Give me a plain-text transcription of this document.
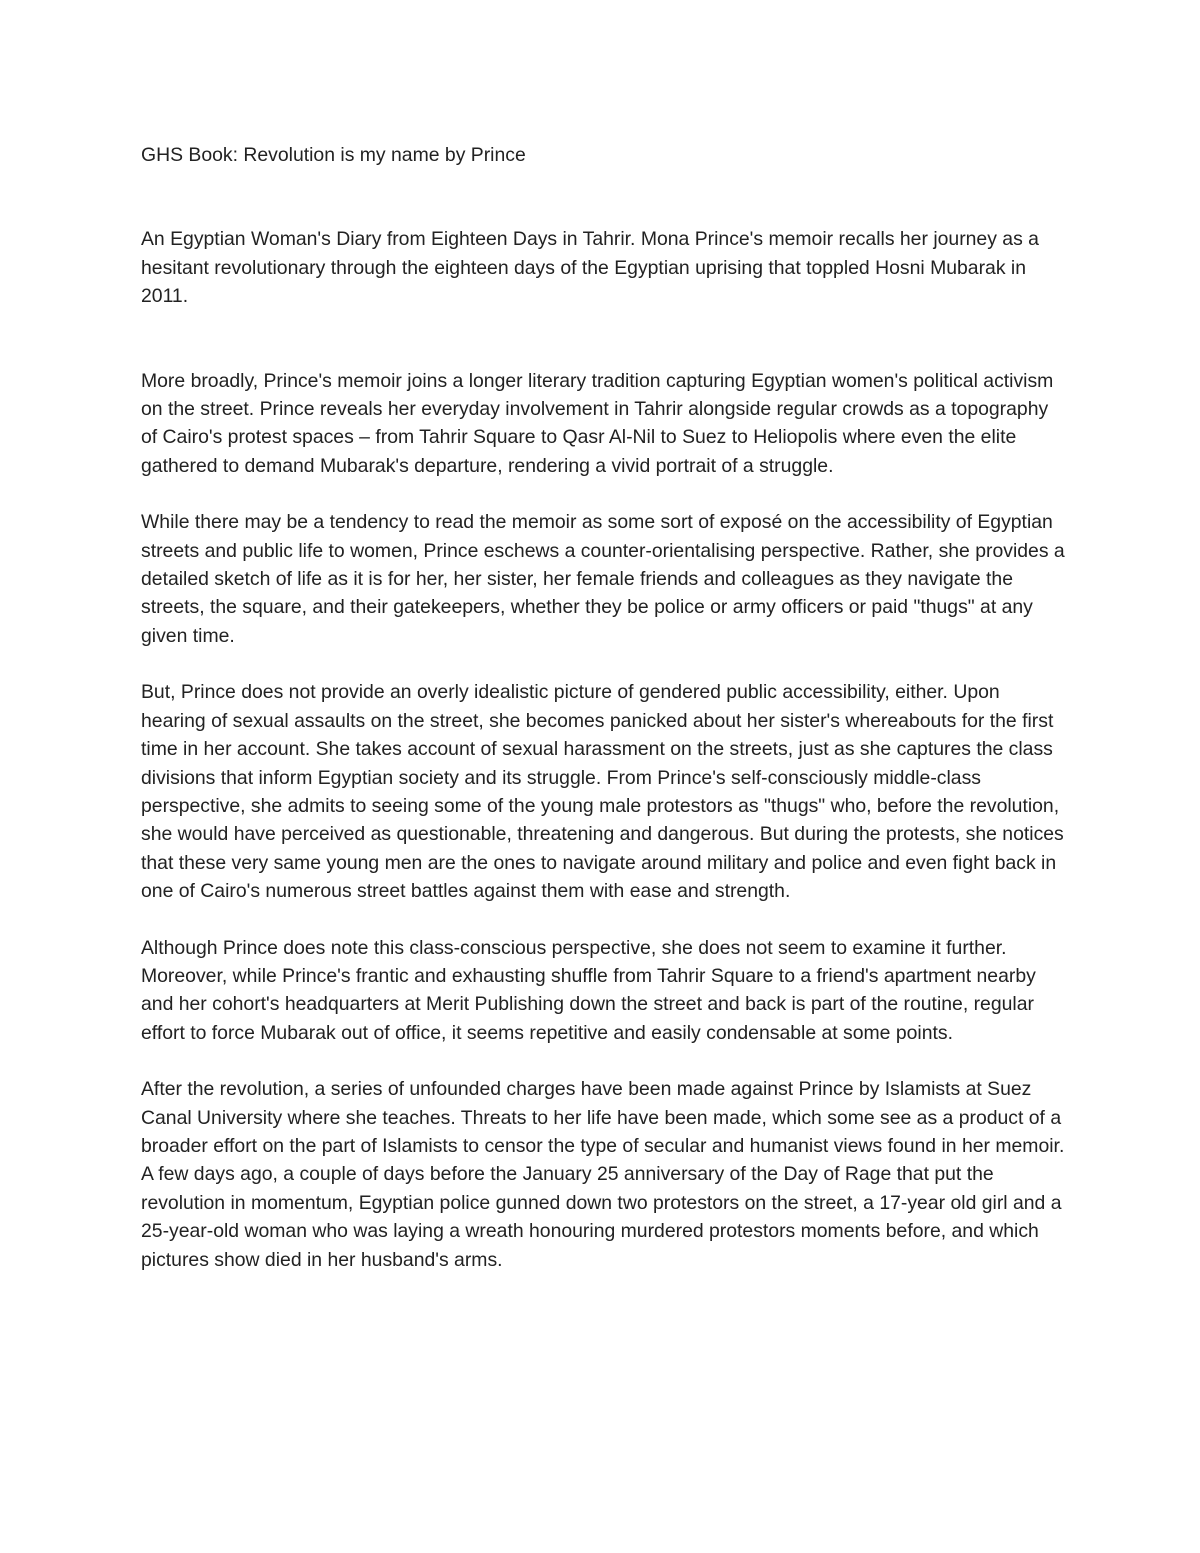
GHS Book: Revolution is my name by Prince

An Egyptian Woman's Diary from Eighteen Days in Tahrir. Mona Prince's memoir recalls her journey as a hesitant revolutionary through the eighteen days of the Egyptian uprising that toppled Hosni Mubarak in 2011.

More broadly, Prince's memoir joins a longer literary tradition capturing Egyptian women's political activism on the street. Prince reveals her everyday involvement in Tahrir alongside regular crowds as a topography of Cairo's protest spaces – from Tahrir Square to Qasr Al-Nil to Suez to Heliopolis where even the elite gathered to demand Mubarak's departure, rendering a vivid portrait of a struggle.

While there may be a tendency to read the memoir as some sort of exposé on the accessibility of Egyptian streets and public life to women, Prince eschews a counter-orientalising perspective. Rather, she provides a detailed sketch of life as it is for her, her sister, her female friends and colleagues as they navigate the streets, the square, and their gatekeepers, whether they be police or army officers or paid "thugs" at any given time.

But, Prince does not provide an overly idealistic picture of gendered public accessibility, either. Upon hearing of sexual assaults on the street, she becomes panicked about her sister's whereabouts for the first time in her account. She takes account of sexual harassment on the streets, just as she captures the class divisions that inform Egyptian society and its struggle. From Prince's self-consciously middle-class perspective, she admits to seeing some of the young male protestors as "thugs" who, before the revolution, she would have perceived as questionable, threatening and dangerous. But during the protests, she notices that these very same young men are the ones to navigate around military and police and even fight back in one of Cairo's numerous street battles against them with ease and strength.

Although Prince does note this class-conscious perspective, she does not seem to examine it further. Moreover, while Prince's frantic and exhausting shuffle from Tahrir Square to a friend's apartment nearby and her cohort's headquarters at Merit Publishing down the street and back is part of the routine, regular effort to force Mubarak out of office, it seems repetitive and easily condensable at some points.

After the revolution, a series of unfounded charges have been made against Prince by Islamists at Suez Canal University where she teaches. Threats to her life have been made, which some see as a product of a broader effort on the part of Islamists to censor the type of secular and humanist views found in her memoir. A few days ago, a couple of days before the January 25 anniversary of the Day of Rage that put the revolution in momentum, Egyptian police gunned down two protestors on the street, a 17-year old girl and a 25-year-old woman who was laying a wreath honouring murdered protestors moments before, and which pictures show died in her husband's arms.
